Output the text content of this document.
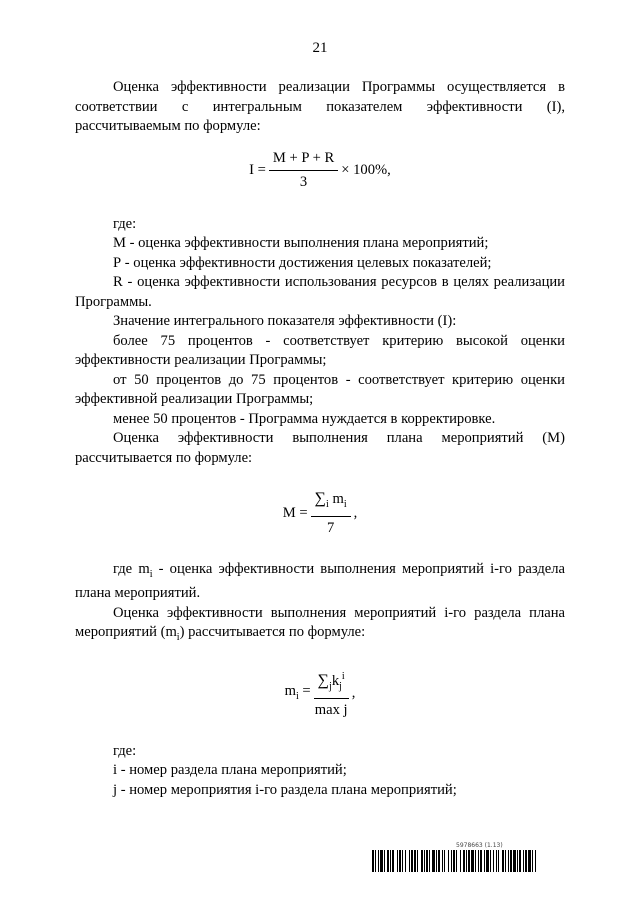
21

Оценка эффективности реализации Программы осуществляется в соответствии с интегральным показателем эффективности (I), рассчитываемым по формуле:

$I = \frac{M + P + R}{3} \times 100\%$,

где:

М - оценка эффективности выполнения плана мероприятий;

Р - оценка эффективности достижения целевых показателей;

R - оценка эффективности использования ресурсов в целях реализации Программы.

Значение интегрального показателя эффективности (I):

более 75 процентов - соответствует критерию высокой оценки эффективности реализации Программы;

от 50 процентов до 75 процентов - соответствует критерию оценки эффективной реализации Программы;

менее 50 процентов - Программа нуждается в корректировке.

Оценка эффективности выполнения плана мероприятий (М) рассчитывается по формуле:

$M = \frac{\sum_i m_i}{7}$ ,

где $m_i$ - оценка эффективности выполнения мероприятий i-го раздела плана мероприятий.

Оценка эффективности выполнения мероприятий i-го раздела плана мероприятий $(m_i)$ рассчитывается по формуле:

$m_i = \frac{\sum_jk_j^i}{\text{max j}}$ ,

где:

i - номер раздела плана мероприятий;

j - номер мероприятия i-го раздела плана мероприятий;

5978663 (1.13)
